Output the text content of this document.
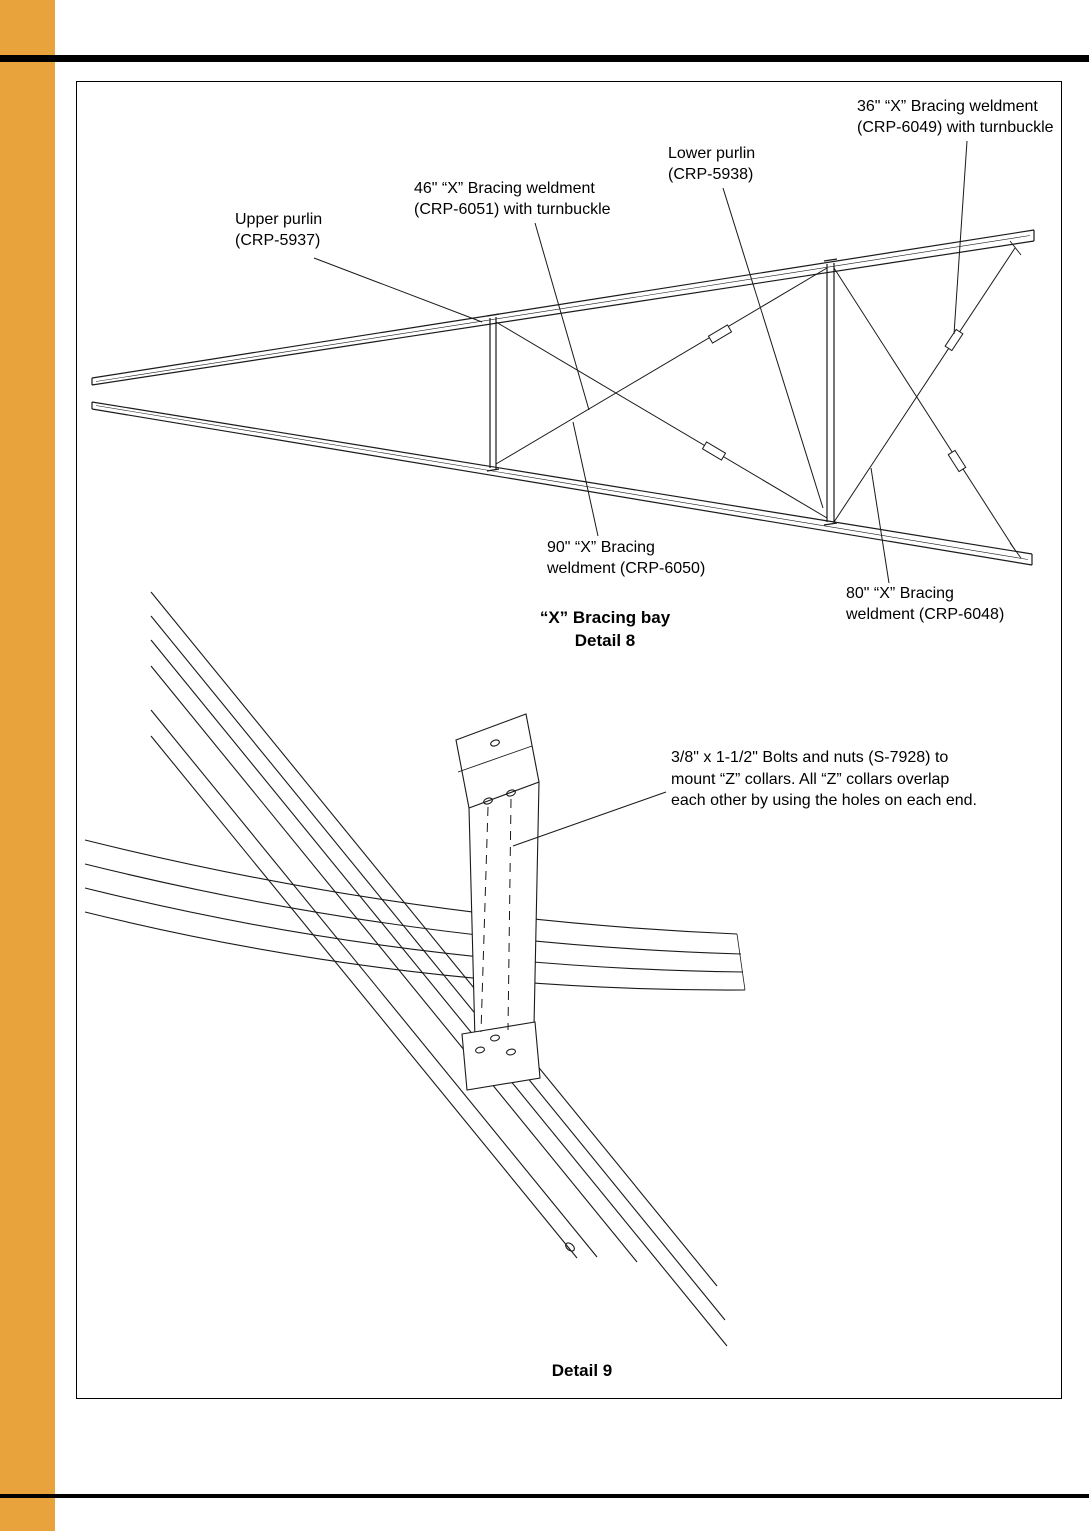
Upper purlin
(CRP-5937)
46" “X” Bracing weldment
(CRP-6051) with turnbuckle
Lower purlin
(CRP-5938)
36" “X” Bracing weldment
(CRP-6049) with turnbuckle
90" “X” Bracing
weldment (CRP-6050)
80" “X” Bracing
weldment (CRP-6048)
“X” Bracing bay
Detail 8
3/8" x 1-1/2" Bolts and nuts (S-7928) to
mount “Z” collars. All “Z” collars overlap
each other by using the holes on each end.
Detail 9
